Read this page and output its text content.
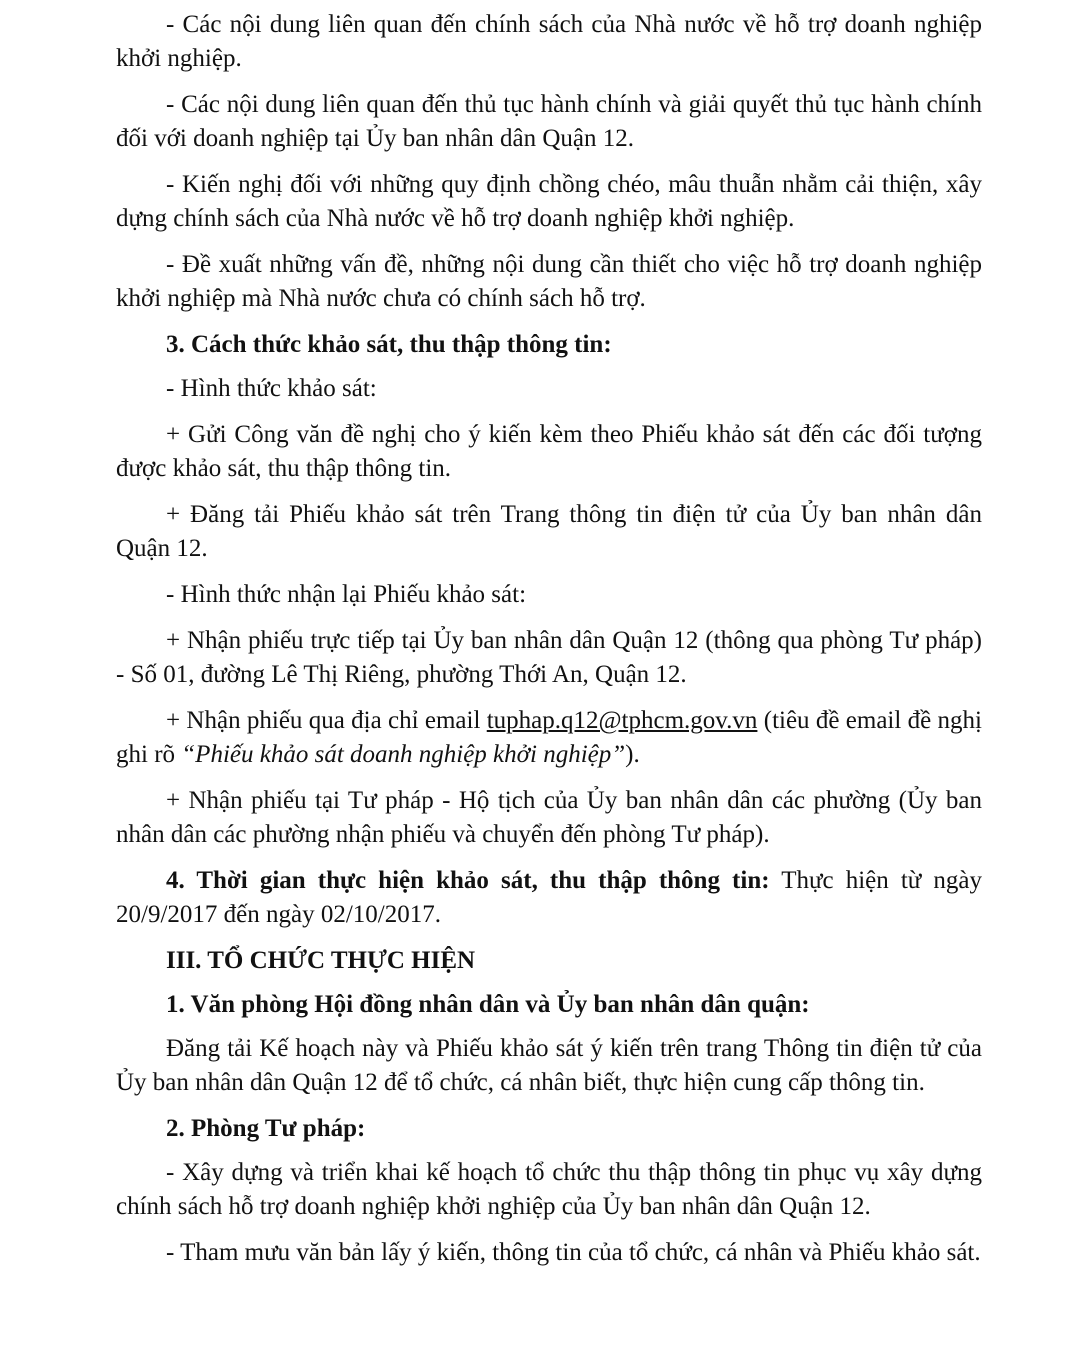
- Các nội dung liên quan đến chính sách của Nhà nước về hỗ trợ doanh nghiệp khởi nghiệp.

- Các nội dung liên quan đến thủ tục hành chính và giải quyết thủ tục hành chính đối với doanh nghiệp tại Ủy ban nhân dân Quận 12.

- Kiến nghị đối với những quy định chồng chéo, mâu thuẫn nhằm cải thiện, xây dựng chính sách của Nhà nước về hỗ trợ doanh nghiệp khởi nghiệp.

- Đề xuất những vấn đề, những nội dung cần thiết cho việc hỗ trợ doanh nghiệp khởi nghiệp mà Nhà nước chưa có chính sách hỗ trợ.

3. Cách thức khảo sát, thu thập thông tin:

- Hình thức khảo sát:

+ Gửi Công văn đề nghị cho ý kiến kèm theo Phiếu khảo sát đến các đối tượng được khảo sát, thu thập thông tin.

+ Đăng tải Phiếu khảo sát trên Trang thông tin điện tử của Ủy ban nhân dân Quận 12.

- Hình thức nhận lại Phiếu khảo sát:

+ Nhận phiếu trực tiếp tại Ủy ban nhân dân Quận 12 (thông qua phòng Tư pháp) - Số 01, đường Lê Thị Riêng, phường Thới An, Quận 12.

+ Nhận phiếu qua địa chỉ email tuphap.q12@tphcm.gov.vn (tiêu đề email đề nghị ghi rõ “Phiếu khảo sát doanh nghiệp khởi nghiệp”).

+ Nhận phiếu tại Tư pháp - Hộ tịch của Ủy ban nhân dân các phường (Ủy ban nhân dân các phường nhận phiếu và chuyển đến phòng Tư pháp).

4. Thời gian thực hiện khảo sát, thu thập thông tin: Thực hiện từ ngày 20/9/2017 đến ngày 02/10/2017.

III. TỔ CHỨC THỰC HIỆN

1. Văn phòng Hội đồng nhân dân và Ủy ban nhân dân quận:

Đăng tải Kế hoạch này và Phiếu khảo sát ý kiến trên trang Thông tin điện tử của Ủy ban nhân dân Quận 12 để tổ chức, cá nhân biết, thực hiện cung cấp thông tin.

2. Phòng Tư pháp:

- Xây dựng và triển khai kế hoạch tổ chức thu thập thông tin phục vụ xây dựng chính sách hỗ trợ doanh nghiệp khởi nghiệp của Ủy ban nhân dân Quận 12.

- Tham mưu văn bản lấy ý kiến, thông tin của tổ chức, cá nhân và Phiếu khảo sát.
